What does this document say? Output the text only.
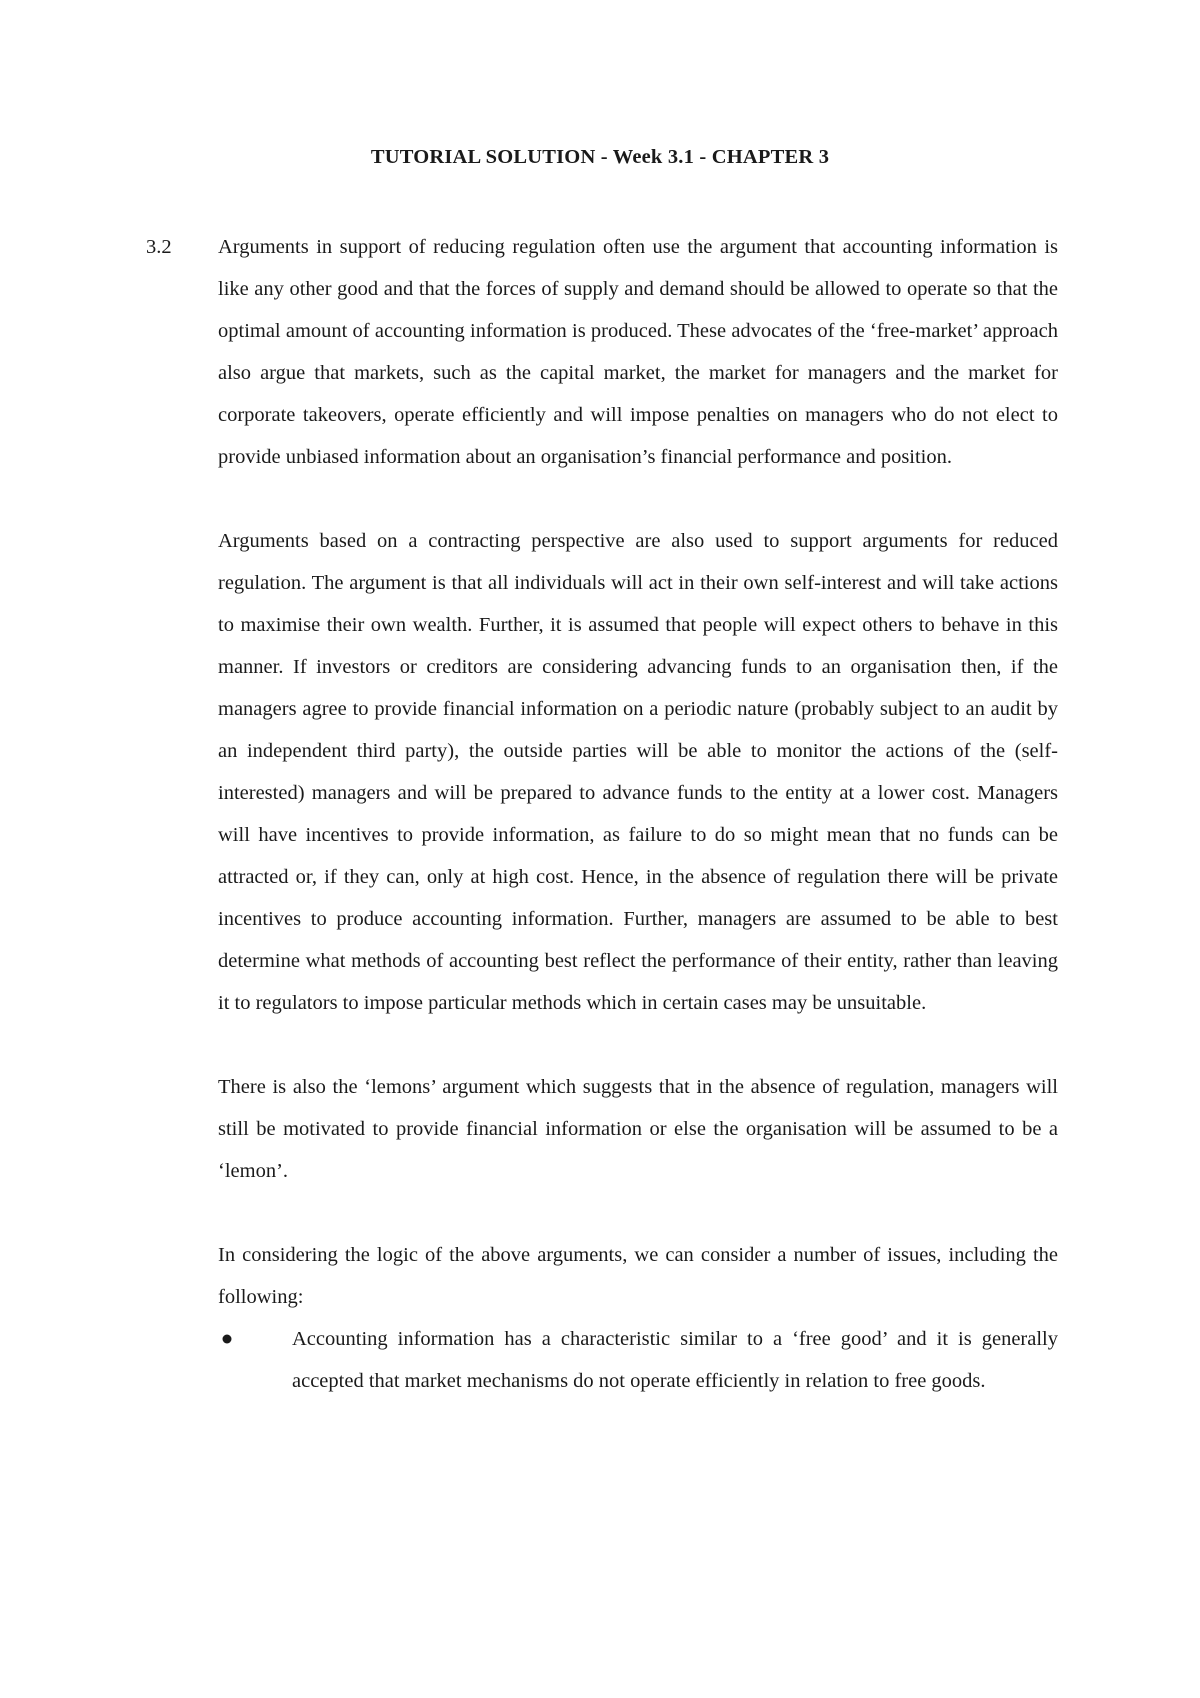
TUTORIAL SOLUTION - Week 3.1 - CHAPTER 3
3.2 Arguments in support of reducing regulation often use the argument that accounting information is like any other good and that the forces of supply and demand should be allowed to operate so that the optimal amount of accounting information is produced. These advocates of the ‘free-market’ approach also argue that markets, such as the capital market, the market for managers and the market for corporate takeovers, operate efficiently and will impose penalties on managers who do not elect to provide unbiased information about an organisation’s financial performance and position.

Arguments based on a contracting perspective are also used to support arguments for reduced regulation. The argument is that all individuals will act in their own self-interest and will take actions to maximise their own wealth. Further, it is assumed that people will expect others to behave in this manner. If investors or creditors are considering advancing funds to an organisation then, if the managers agree to provide financial information on a periodic nature (probably subject to an audit by an independent third party), the outside parties will be able to monitor the actions of the (self-interested) managers and will be prepared to advance funds to the entity at a lower cost. Managers will have incentives to provide information, as failure to do so might mean that no funds can be attracted or, if they can, only at high cost. Hence, in the absence of regulation there will be private incentives to produce accounting information. Further, managers are assumed to be able to best determine what methods of accounting best reflect the performance of their entity, rather than leaving it to regulators to impose particular methods which in certain cases may be unsuitable.

There is also the ‘lemons’ argument which suggests that in the absence of regulation, managers will still be motivated to provide financial information or else the organisation will be assumed to be a ‘lemon’.

In considering the logic of the above arguments, we can consider a number of issues, including the following:

Accounting information has a characteristic similar to a ‘free good’ and it is generally accepted that market mechanisms do not operate efficiently in relation to free goods.
